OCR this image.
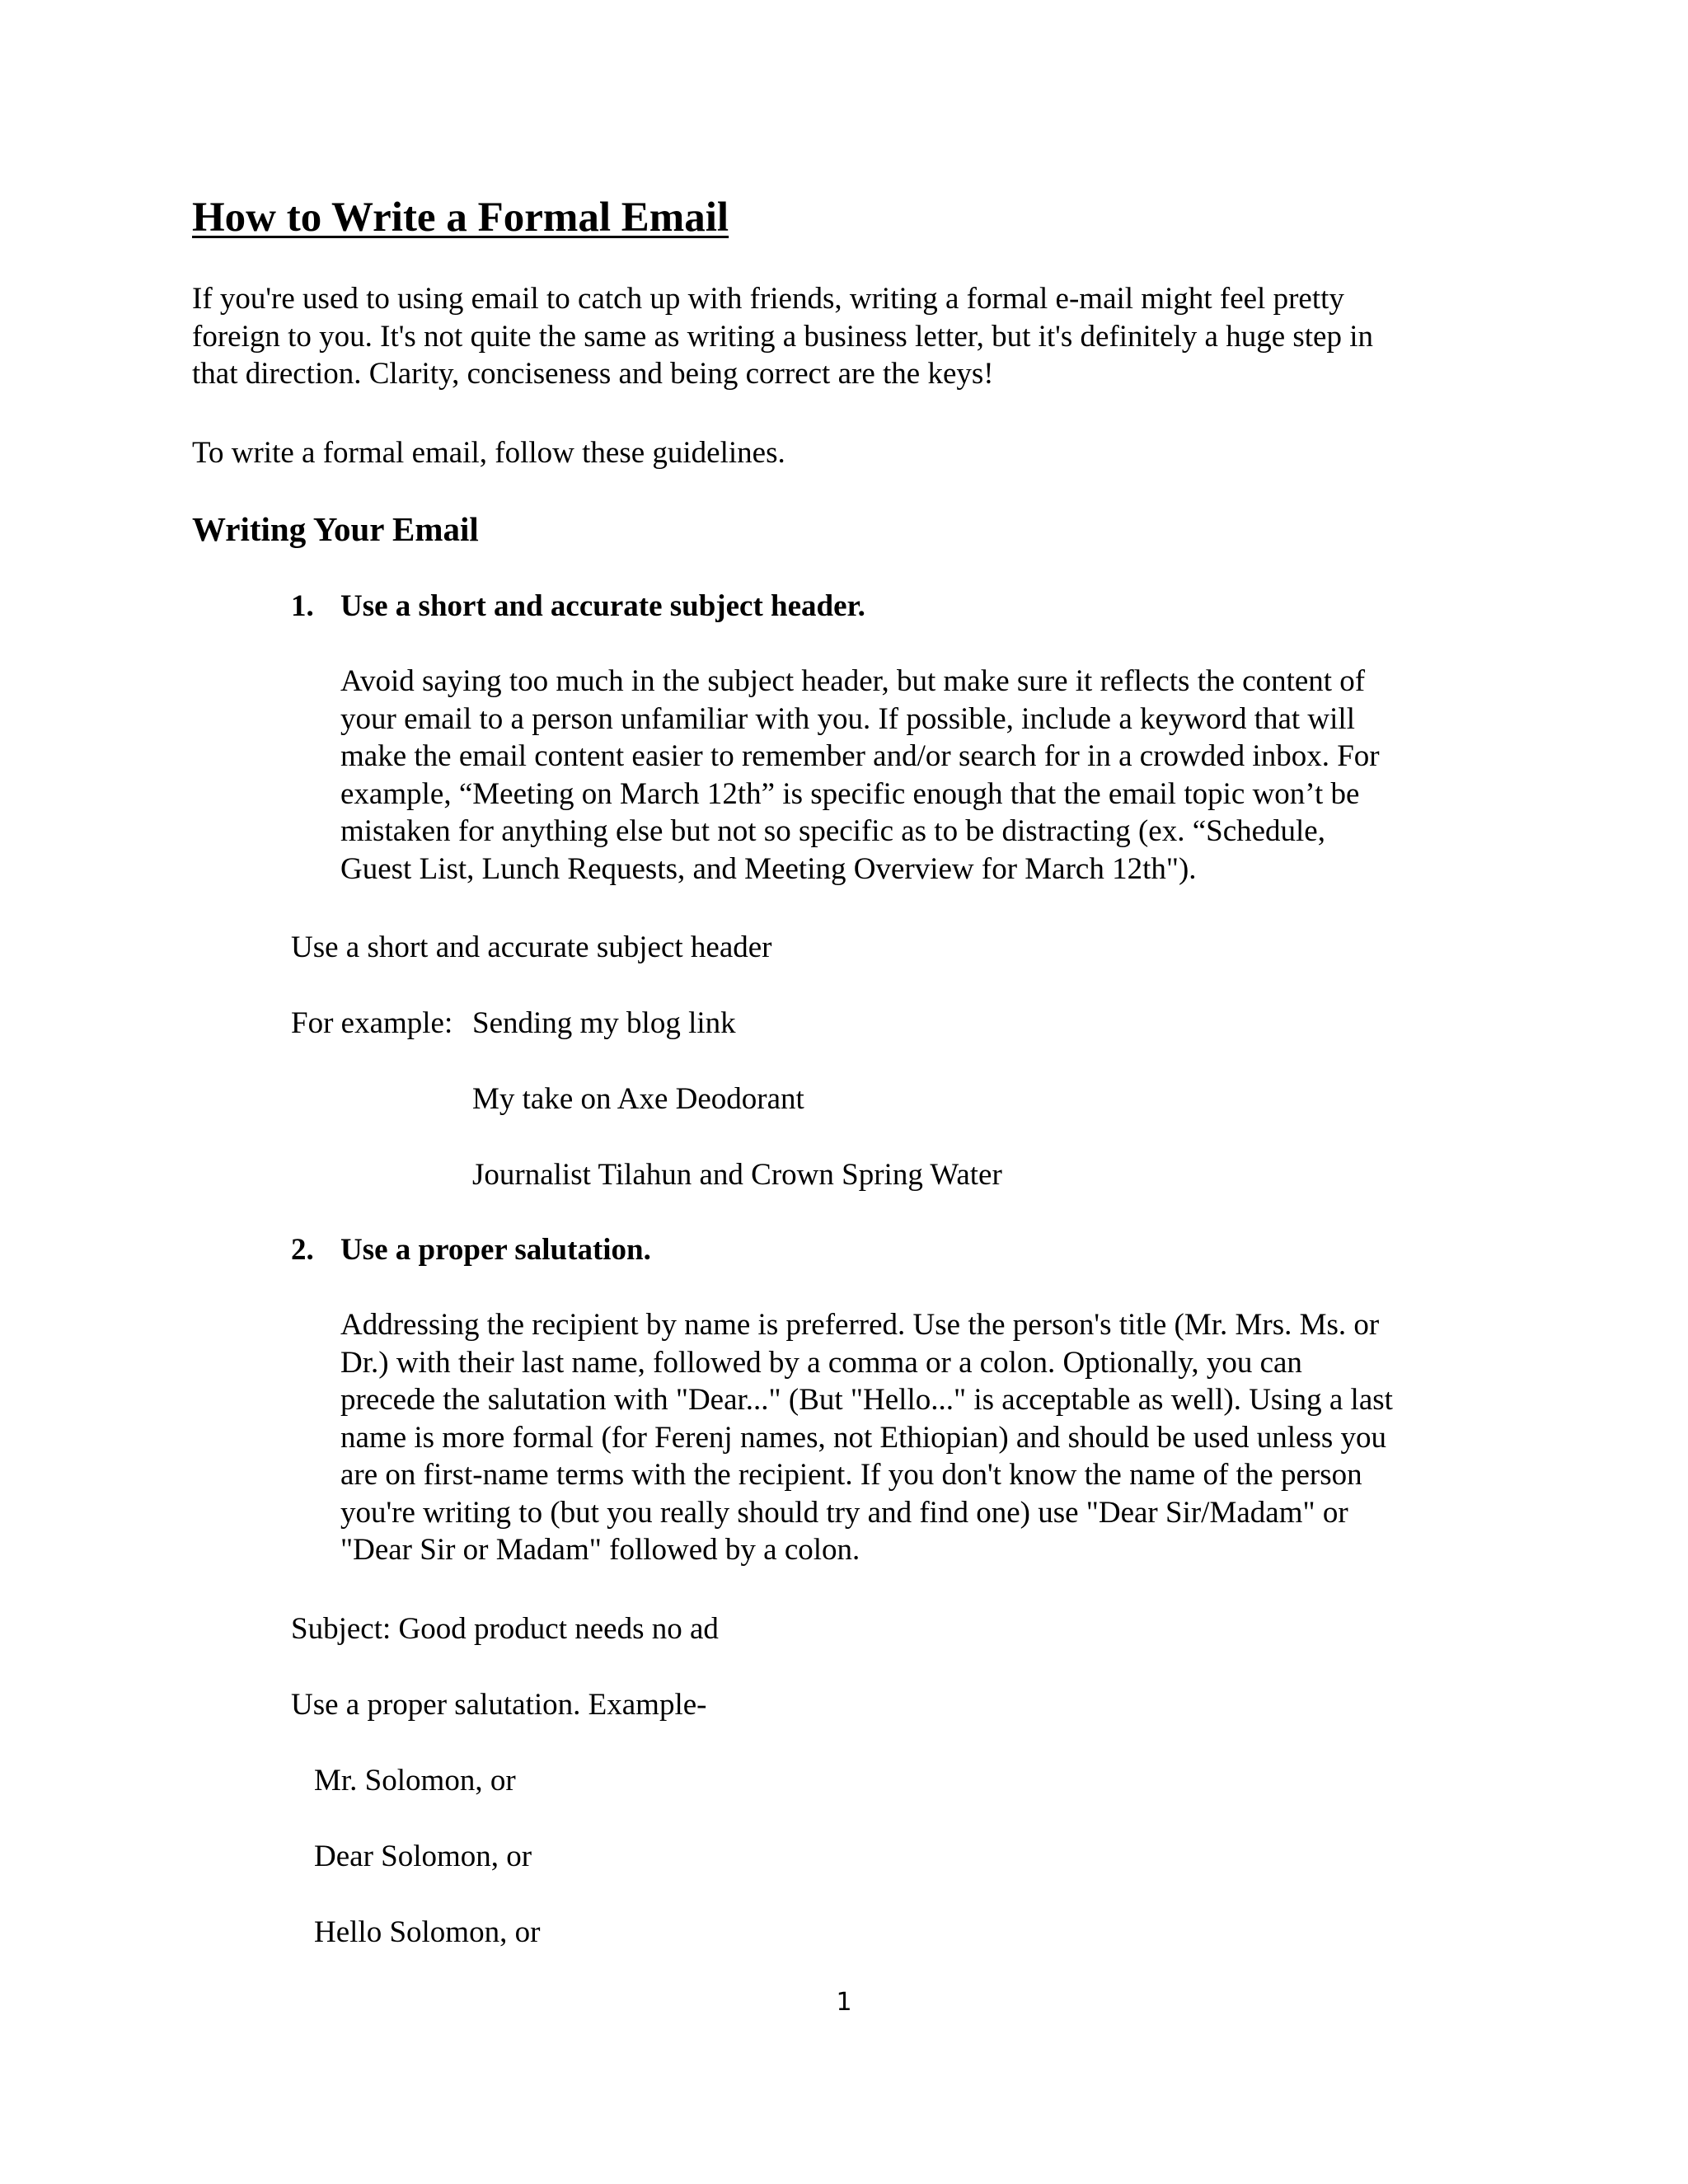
How to Write a Formal Email
If you're used to using email to catch up with friends, writing a formal e-mail might feel pretty
foreign to you. It's not quite the same as writing a business letter, but it's definitely a huge step in
that direction. Clarity, conciseness and being correct are the keys!
To write a formal email, follow these guidelines.
Writing Your Email
1. Use a short and accurate subject header.
Avoid saying too much in the subject header, but make sure it reflects the content of
your email to a person unfamiliar with you. If possible, include a keyword that will
make the email content easier to remember and/or search for in a crowded inbox. For
example, “Meeting on March 12th” is specific enough that the email topic won’t be
mistaken for anything else but not so specific as to be distracting (ex. “Schedule,
Guest List, Lunch Requests, and Meeting Overview for March 12th").
Use a short and accurate subject header
For example: Sending my blog link
My take on Axe Deodorant
Journalist Tilahun and Crown Spring Water
2. Use a proper salutation.
Addressing the recipient by name is preferred. Use the person's title (Mr. Mrs. Ms. or
Dr.) with their last name, followed by a comma or a colon. Optionally, you can
precede the salutation with "Dear..." (But "Hello..." is acceptable as well). Using a last
name is more formal (for Ferenj names, not Ethiopian) and should be used unless you
are on first-name terms with the recipient. If you don't know the name of the person
you're writing to (but you really should try and find one) use "Dear Sir/Madam" or
"Dear Sir or Madam" followed by a colon.
Subject: Good product needs no ad
Use a proper salutation. Example-
Mr. Solomon, or
Dear Solomon, or
Hello Solomon, or
1
